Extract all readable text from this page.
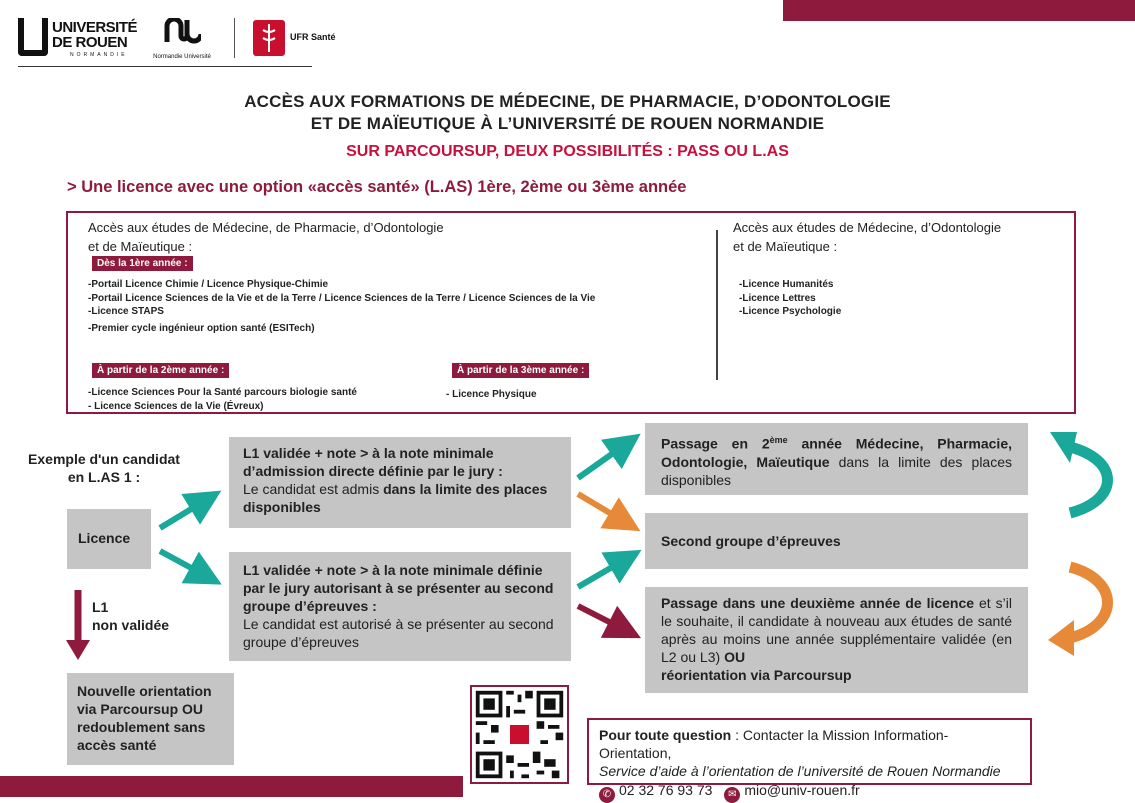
UNIVERSITÉ
DE ROUEN
NORMANDIE	Normandie Université
UFR Santé
ACCÈS AUX FORMATIONS DE MÉDECINE, DE PHARMACIE, D’ODONTOLOGIE
ET DE MAÏEUTIQUE À L’UNIVERSITÉ DE ROUEN NORMANDIE
SUR PARCOURSUP, DEUX POSSIBILITÉS : PASS OU L.AS
> Une licence avec une option «accès santé» (L.AS) 1ère, 2ème ou 3ème année
Accès aux études de Médecine, de Pharmacie, d’Odontologie
et de Maïeutique :
Dès la 1ère année :
-Portail Licence Chimie / Licence Physique-Chimie
-Portail Licence Sciences de la Vie et de la Terre / Licence Sciences de la Terre / Licence Sciences de la Vie
-Licence STAPS
-Premier cycle ingénieur option santé (ESITech)
À partir de la 2ème année :
-Licence Sciences Pour la Santé parcours biologie santé
- Licence Sciences de la Vie (Évreux)
À partir de la 3ème année :
- Licence Physique
Accès aux études de Médecine, d’Odontologie
et de Maïeutique :
-Licence Humanités
-Licence Lettres
-Licence Psychologie
Exemple d'un candidat
en L.AS 1 :
Licence
L1
non validée
Nouvelle orientation via Parcoursup OU redoublement sans accès santé
L1 validée + note > à la note minimale d’admission directe définie par le jury :
Le candidat est admis dans la limite des places disponibles
L1 validée + note > à la note minimale définie par le jury autorisant à se présenter au second groupe d’épreuves :
Le candidat est autorisé à se présenter au second groupe d’épreuves
Passage en 2ème année Médecine, Pharmacie, Odontologie, Maïeutique dans la limite des places disponibles
Second groupe d’épreuves
Passage dans une deuxième année de licence et s’il le souhaite, il candidate à nouveau aux études de santé après au moins une année supplémentaire validée (en L2 ou L3) OU
réorientation via Parcoursup
Pour toute question : Contacter la Mission Information-Orientation,
Service d’aide à l’orientation de l’université de Rouen Normandie
✆ 02 32 76 93 73 ✉ mio@univ-rouen.fr
